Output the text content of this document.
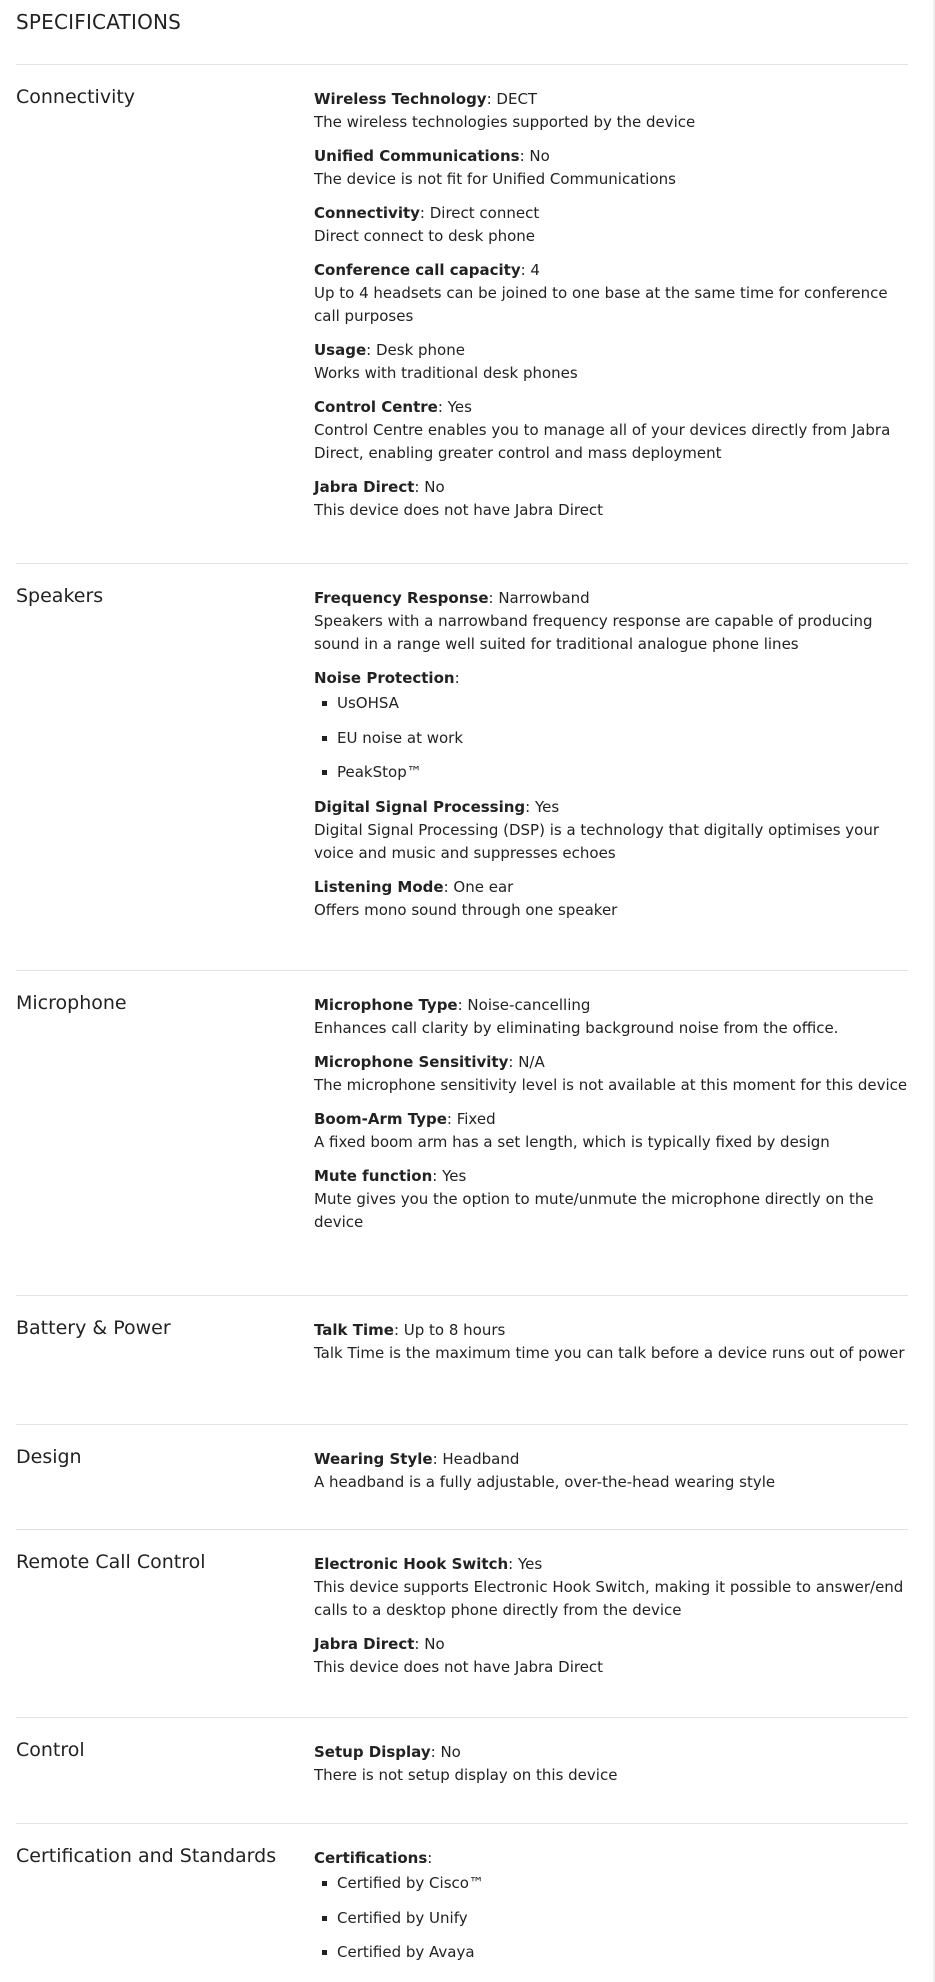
SPECIFICATIONS
Connectivity	Wireless Technology: DECT
The wireless technologies supported by the device
Unified Communications: No
The device is not fit for Unified Communications
Connectivity: Direct connect
Direct connect to desk phone
Conference call capacity: 4
Up to 4 headsets can be joined to one base at the same time for conference call purposes
Usage: Desk phone
Works with traditional desk phones
Control Centre: Yes
Control Centre enables you to manage all of your devices directly from Jabra Direct, enabling greater control and mass deployment
Jabra Direct: No
This device does not have Jabra Direct
Speakers	Frequency Response: Narrowband
Speakers with a narrowband frequency response are capable of producing sound in a range well suited for traditional analogue phone lines
Noise Protection:
UsOHSA
EU noise at work
PeakStop™
Digital Signal Processing: Yes
Digital Signal Processing (DSP) is a technology that digitally optimises your voice and music and suppresses echoes
Listening Mode: One ear
Offers mono sound through one speaker
Microphone	Microphone Type: Noise-cancelling
Enhances call clarity by eliminating background noise from the office.
Microphone Sensitivity: N/A
The microphone sensitivity level is not available at this moment for this device
Boom-Arm Type: Fixed
A fixed boom arm has a set length, which is typically fixed by design
Mute function: Yes
Mute gives you the option to mute/unmute the microphone directly on the device
Battery & Power	Talk Time: Up to 8 hours
Talk Time is the maximum time you can talk before a device runs out of power
Design	Wearing Style: Headband
A headband is a fully adjustable, over-the-head wearing style
Remote Call Control	Electronic Hook Switch: Yes
This device supports Electronic Hook Switch, making it possible to answer/end calls to a desktop phone directly from the device
Jabra Direct: No
This device does not have Jabra Direct
Control	Setup Display: No
There is not setup display on this device
Certification and Standards	Certifications:
Certified by Cisco™
Certified by Unify
Certified by Avaya
